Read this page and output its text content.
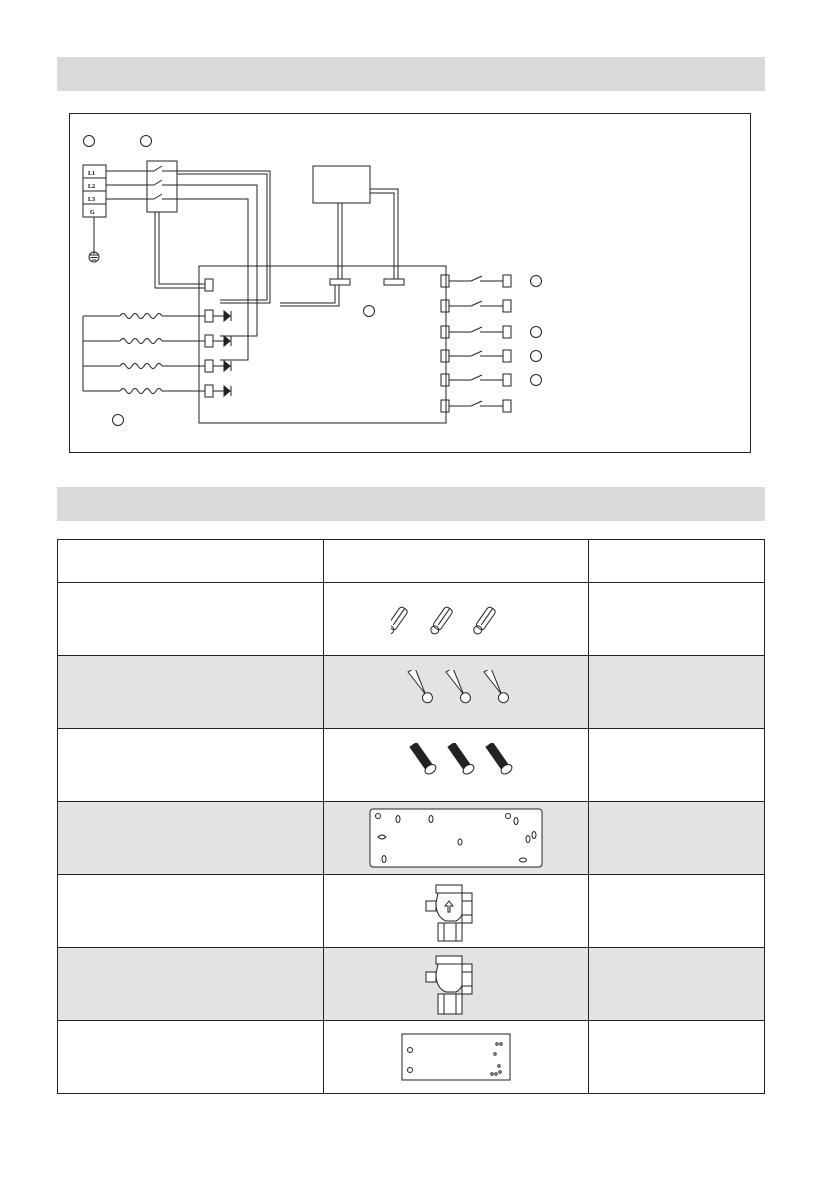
L1
L2
L3
G
